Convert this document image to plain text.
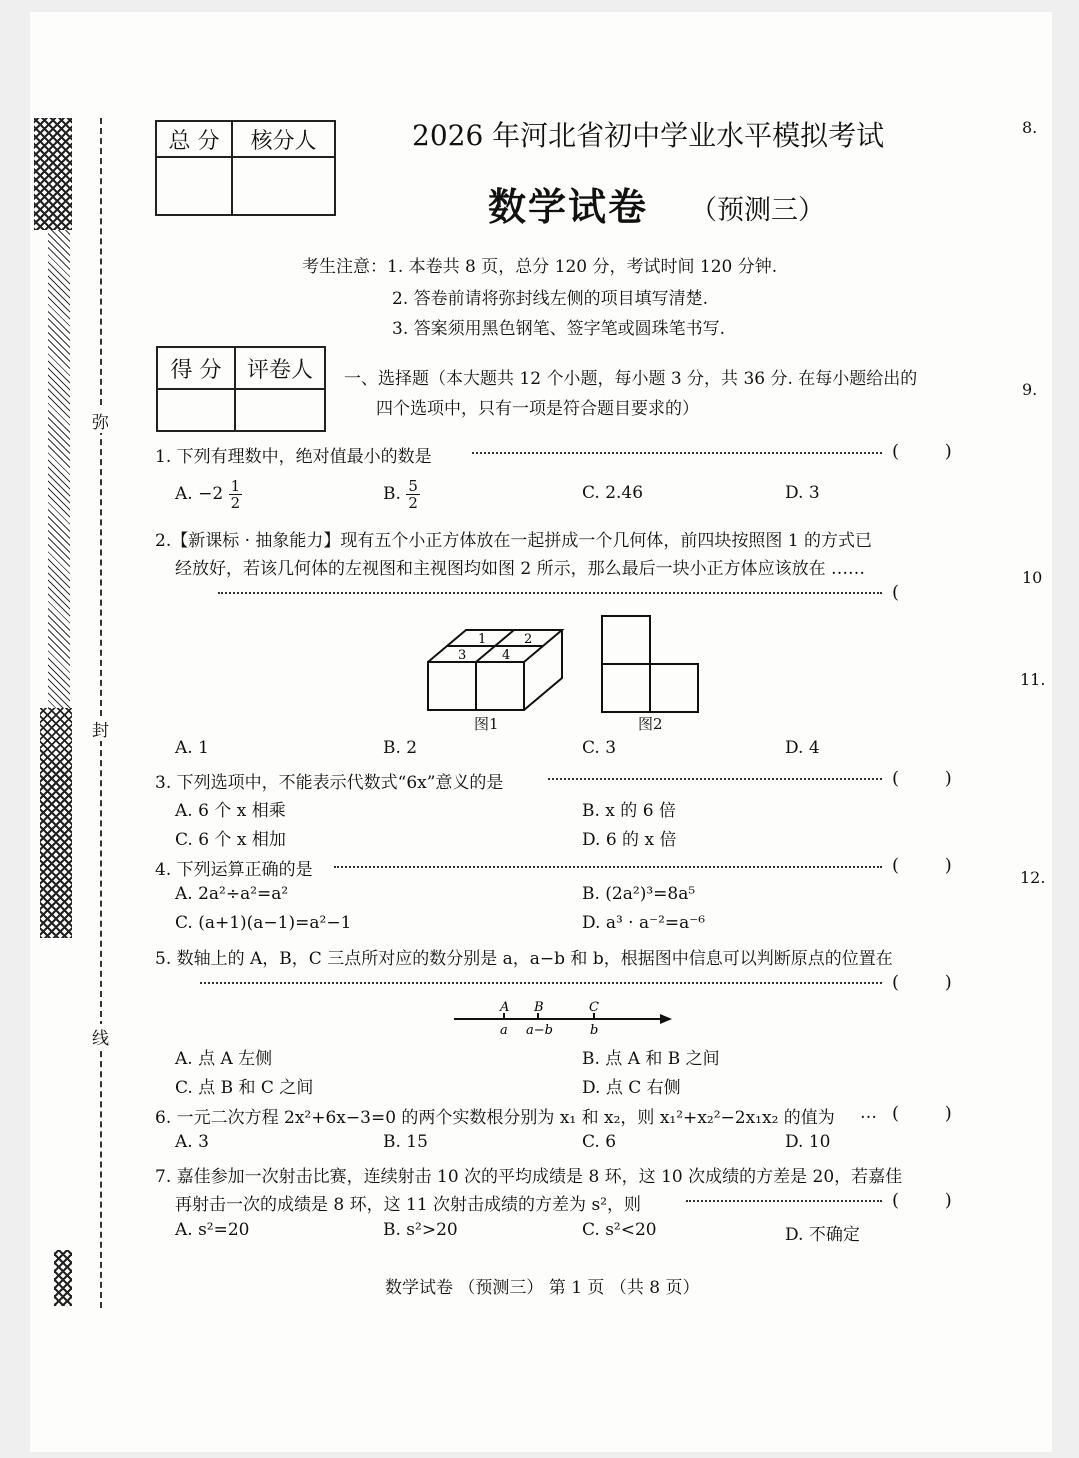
弥
封
线
8.
9.
10
11.
12.
总 分	核分人
		2026 年河北省初中学业水平模拟考试
数学试卷 （预测三）
考生注意：1. 本卷共 8 页，总分 120 分，考试时间 120 分钟.
2. 答卷前请将弥封线左侧的项目填写清楚.
3. 答案须用黑色钢笔、签字笔或圆珠笔书写.
得 分	评卷人
	一、选择题（本大题共 12 个小题，每小题 3 分，共 36 分. 在每小题给出的
四个选项中，只有一项是符合题目要求的）
1. 下列有理数中，绝对值最小的数是	(        )
A. $-2 \frac{1}{2}$	B. $\frac{5}{2}$	C. 2.46	D. 3
2.【新课标 · 抽象能力】现有五个小正方体放在一起拼成一个几何体，前四块按照图 1 的方式已
经放好，若该几何体的左视图和主视图均如图 2 所示，那么最后一块小正方体应该放在 ……
(
1	2
3	4
图1	图2
A. 1	B. 2	C. 3	D. 4
3. 下列选项中，不能表示代数式“6x”意义的是	(        )
A. 6 个 x 相乘	B. x 的 6 倍
C. 6 个 x 相加	D. 6 的 x 倍
4. 下列运算正确的是	(        )
A. 2a²÷a²=a²	B. (2a²)³=8a⁵
C. (a+1)(a−1)=a²−1	D. a³ · a⁻²=a⁻⁶
5. 数轴上的 A，B，C 三点所对应的数分别是 a，a−b 和 b，根据图中信息可以判断原点的位置在
(        )
A B	C
a a−b	b
A. 点 A 左侧	B. 点 A 和 B 之间
C. 点 B 和 C 之间	D. 点 C 右侧
6. 一元二次方程 2x²+6x−3=0 的两个实数根分别为 x₁ 和 x₂，则 x₁²+x₂²−2x₁x₂ 的值为 … (        )
A. 3	B. 15	C. 6	D. 10
7. 嘉佳参加一次射击比赛，连续射击 10 次的平均成绩是 8 环，这 10 次成绩的方差是 20，若嘉佳
再射击一次的成绩是 8 环，这 11 次射击成绩的方差为 s²，则	(        )
A. s²=20	B. s²>20	C. s²<20	D. 不确定
数学试卷 （预测三） 第 1 页 （共 8 页）
